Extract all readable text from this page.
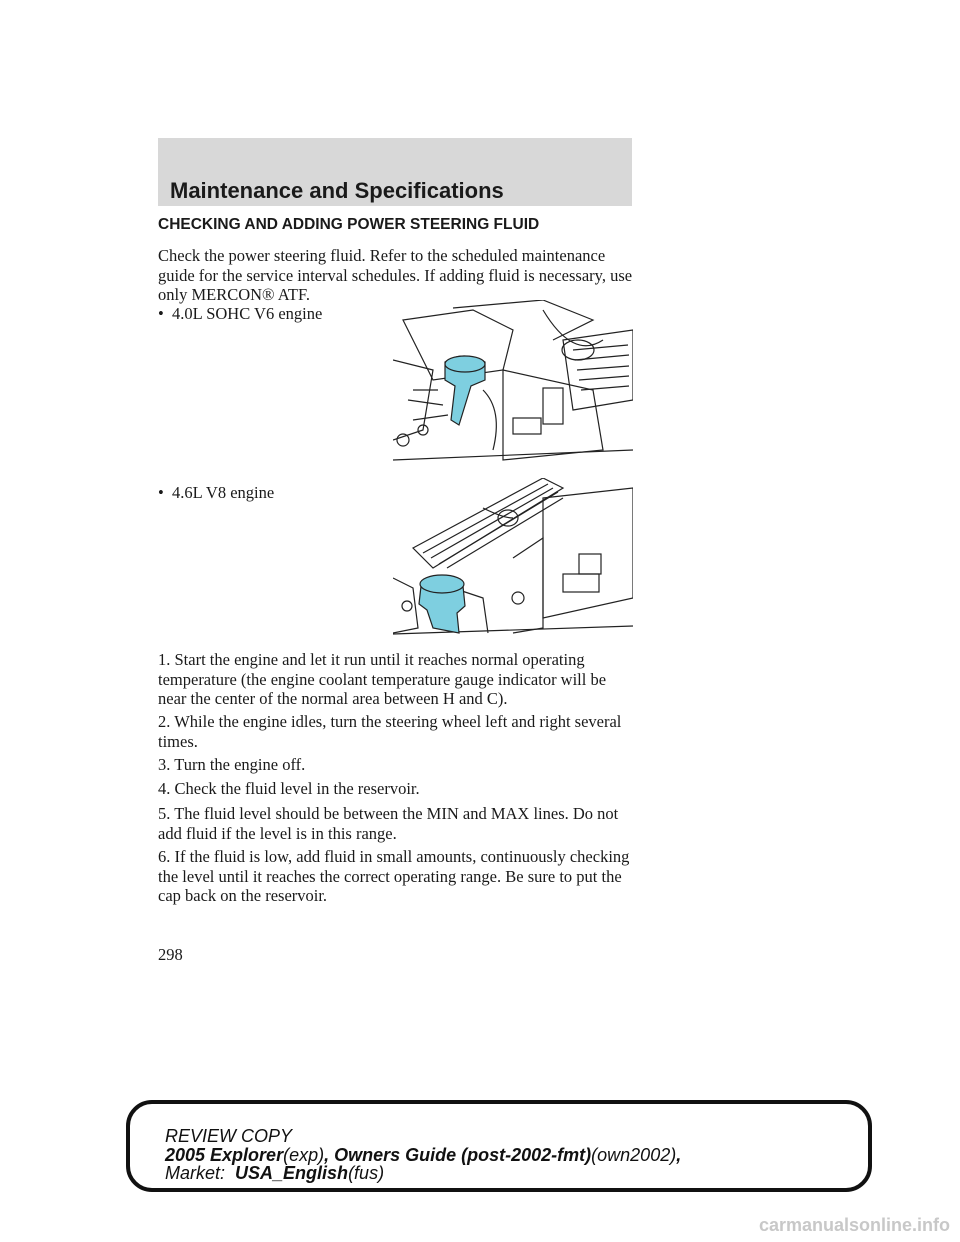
Maintenance and Specifications
CHECKING AND ADDING POWER STEERING FLUID
Check the power steering fluid. Refer to the scheduled maintenance guide for the service interval schedules. If adding fluid is necessary, use only MERCON® ATF.
• 4.0L SOHC V6 engine
• 4.6L V8 engine
1. Start the engine and let it run until it reaches normal operating temperature (the engine coolant temperature gauge indicator will be near the center of the normal area between H and C).
2. While the engine idles, turn the steering wheel left and right several times.
3. Turn the engine off.
4. Check the fluid level in the reservoir.
5. The fluid level should be between the MIN and MAX lines. Do not add fluid if the level is in this range.
6. If the fluid is low, add fluid in small amounts, continuously checking the level until it reaches the correct operating range. Be sure to put the cap back on the reservoir.
298
REVIEW COPY
2005 Explorer(exp), Owners Guide (post-2002-fmt)(own2002),
Market: USA_English(fus)
carmanualsonline.info
